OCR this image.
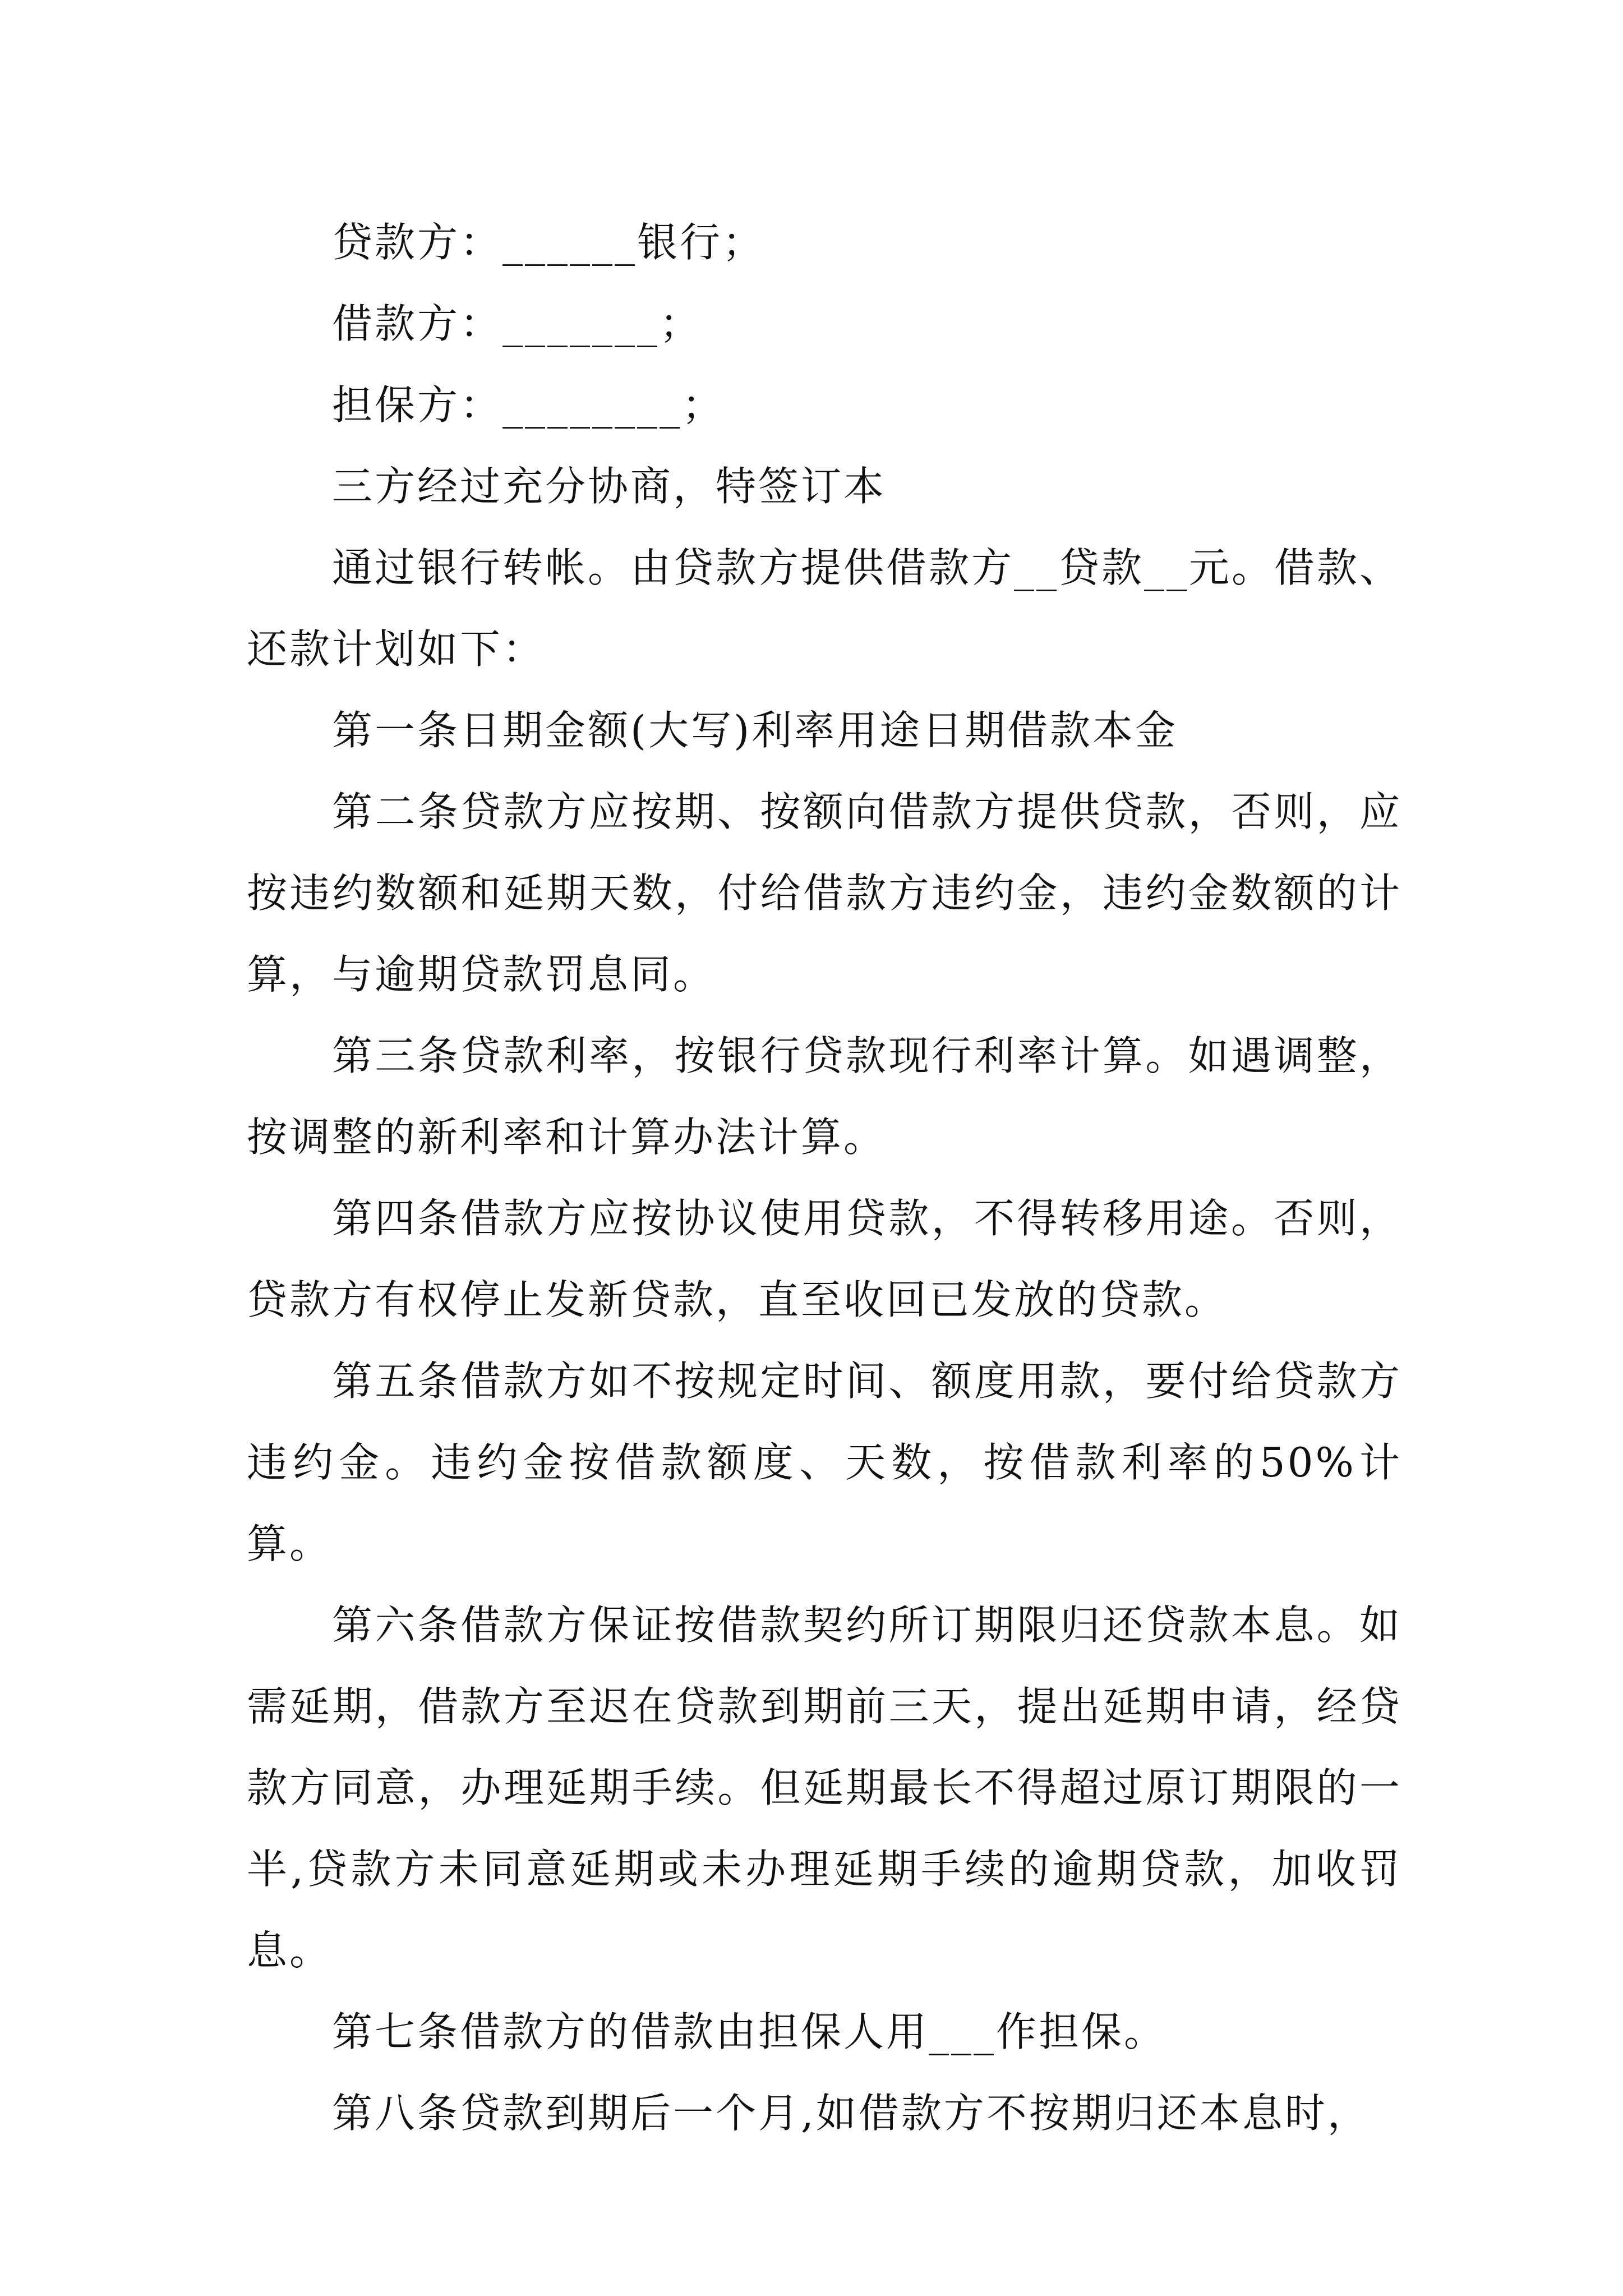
贷款方：______银行；

借款方：_______；

担保方：________；

三方经过充分协商，特签订本

通过银行转帐。由贷款方提供借款方__贷款__元。借款、还款计划如下：

第一条日期金额(大写)利率用途日期借款本金

第二条贷款方应按期、按额向借款方提供贷款，否则，应按违约数额和延期天数，付给借款方违约金，违约金数额的计算，与逾期贷款罚息同。

第三条贷款利率，按银行贷款现行利率计算。如遇调整，按调整的新利率和计算办法计算。

第四条借款方应按协议使用贷款，不得转移用途。否则，贷款方有权停止发新贷款，直至收回已发放的贷款。

第五条借款方如不按规定时间、额度用款，要付给贷款方违约金。违约金按借款额度、天数，按借款利率的50%计算。

第六条借款方保证按借款契约所订期限归还贷款本息。如需延期，借款方至迟在贷款到期前三天，提出延期申请，经贷款方同意，办理延期手续。但延期最长不得超过原订期限的一半,贷款方未同意延期或未办理延期手续的逾期贷款，加收罚息。

第七条借款方的借款由担保人用___作担保。

第八条贷款到期后一个月,如借款方不按期归还本息时，
